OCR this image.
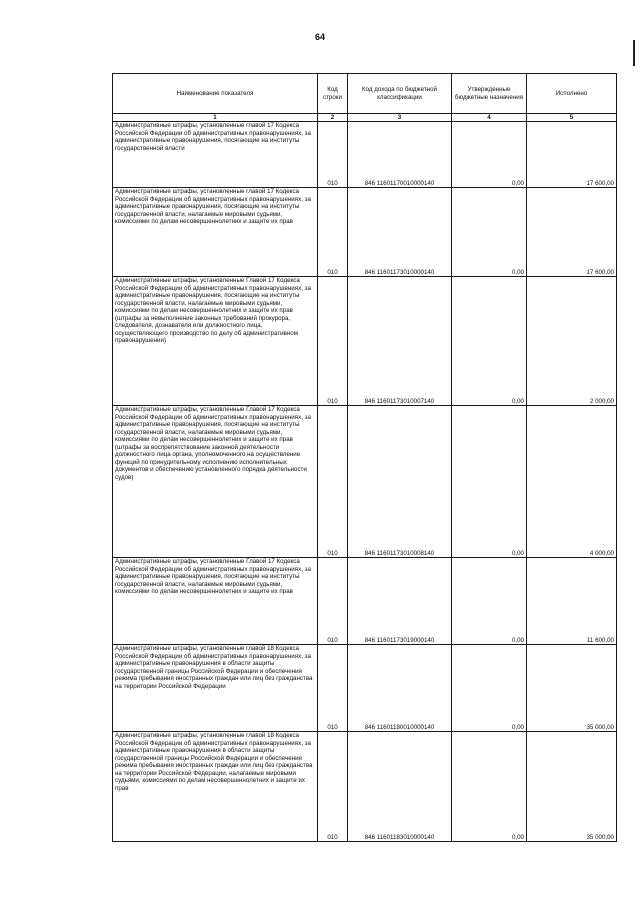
64
Наименование показателя	Код строки	Код дохода по бюджетной классификации	Утвержденные бюджетные назначения	Исполнено
1	2	3	4	5
Административные штрафы, установленные главой 17 Кодекса Российской Федерации об административных правонарушениях, за административные правонарушения, посягающие на институты государственной власти	010	846 11601170010000140	0,00	17 600,00
Административные штрафы, установленные главой 17 Кодекса Российской Федерации об административных правонарушениях, за административные правонарушения, посягающие на институты государственной власти, налагаемые мировыми судьями, комиссиями по делам несовершеннолетних и защите их прав	010	846 11601173010000140	0,00	17 600,00
Административные штрафы, установленные Главой 17 Кодекса Российской Федерации об административных правонарушениях, за административные правонарушения, посягающие на институты государственной власти, налагаемые мировыми судьями, комиссиями по делам несовершеннолетних и защите их прав (штрафы за невыполнение законных требований прокурора, следователя, дознавателя или должностного лица, осуществляющего производство по делу об административном правонарушении)	010	846 11601173010007140	0,00	2 000,00
Административные штрафы, установленные Главой 17 Кодекса Российской Федерации об административных правонарушениях, за административные правонарушения, посягающие на институты государственной власти, налагаемые мировыми судьями, комиссиями по делам несовершеннолетних и защите их прав (штрафы за воспрепятствование законной деятельности должностного лица органа, уполномоченного на осуществление функций по принудительному исполнению исполнительных документов и обеспечению установленного порядка деятельности судов)	010	846 11601173010008140	0,00	4 000,00
Административные штрафы, установленные Главой 17 Кодекса Российской Федерации об административных правонарушениях, за административные правонарушения, посягающие на институты государственной власти, налагаемые мировыми судьями, комиссиями по делам несовершеннолетних и защите их прав	010	846 11601173019000140	0,00	11 600,00
Административные штрафы, установленные главой 18 Кодекса Российской Федерации об административных правонарушениях, за административные правонарушения в области защиты государственной границы Российской Федерации и обеспечения режима пребывания иностранных граждан или лиц без гражданства на территории Российской Федерации	010	846 11601180010000140	0,00	35 000,00
Административные штрафы, установленные главой 18 Кодекса Российской Федерации об административных правонарушениях, за административные правонарушения в области защиты государственной границы Российской Федерации и обеспечения режима пребывания иностранных граждан или лиц без гражданства на территории Российской Федерации, налагаемые мировыми судьями, комиссиями по делам несовершеннолетних и защите их прав	010	846 11601183010000140	0,00	35 000,00
